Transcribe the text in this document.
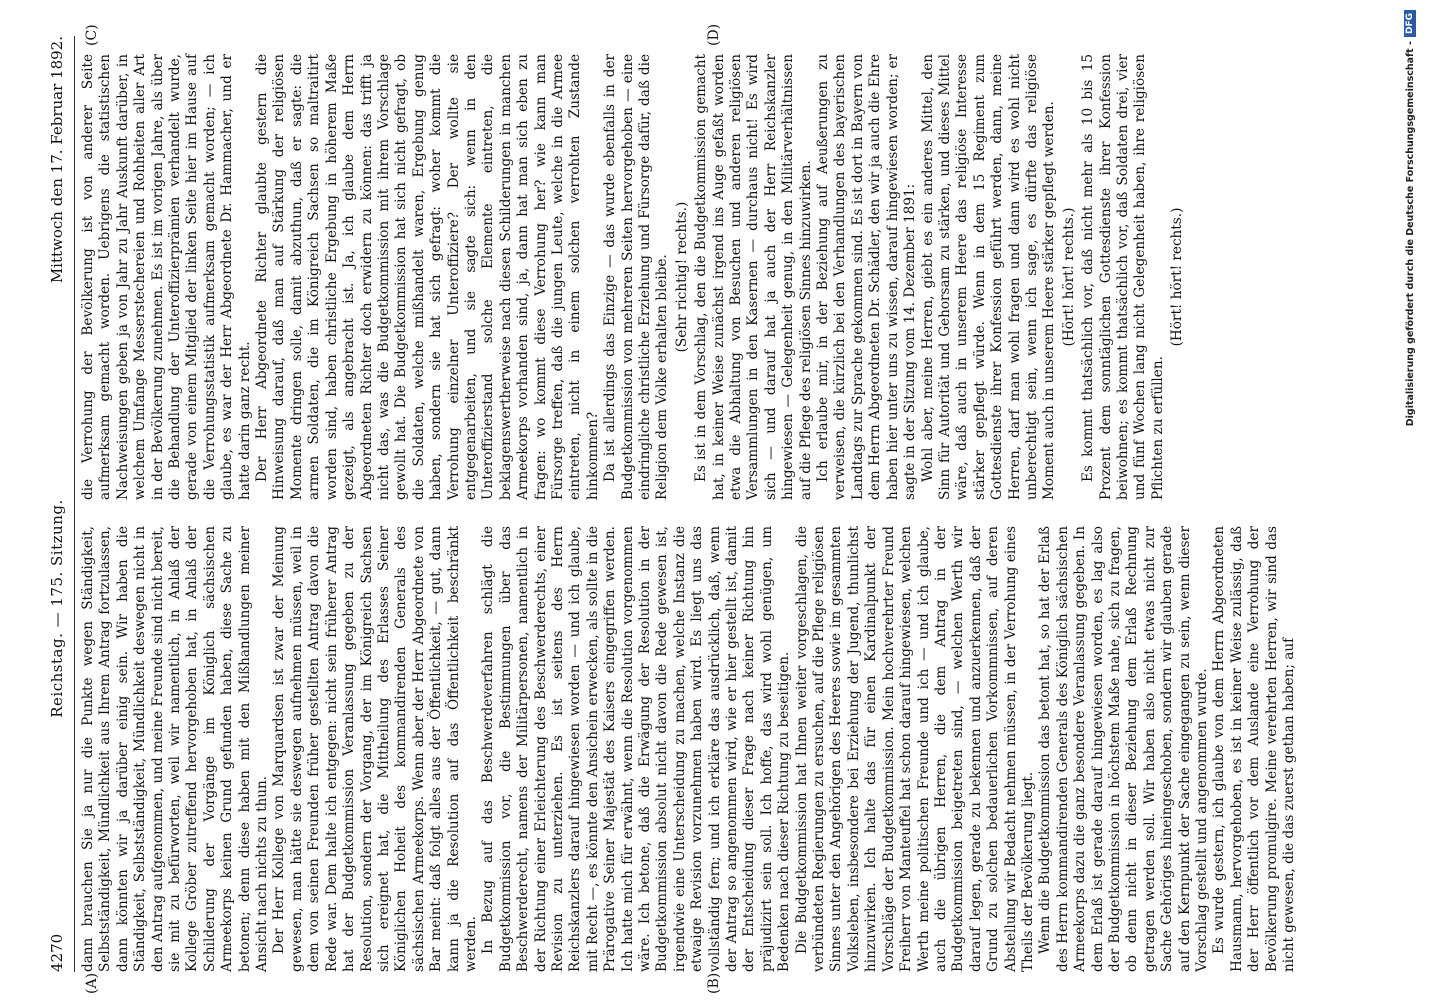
4270
Reichstag. — 175. Sitzung.
Mittwoch den 17. Februar 1892.
(A)	(B)
(C)	(D)

dann brauchen Sie ja nur die Punkte wegen Ständigkeit, Selbstständigkeit, Mündlichkeit aus Ihrem Antrag fortzulassen, dann könnten wir ja darüber einig sein. Wir haben die Ständigkeit, Selbstständigkeit, Mündlichkeit deswegen nicht in den Antrag aufgenommen, und meine Freunde sind nicht bereit, sie mit zu befürworten, weil wir namentlich, in Anlaß der Kollege Gröber zutreffend hervorgehoben hat, in Anlaß der Schilderung der Vorgänge im Königlich sächsischen Armeekorps keinen Grund gefunden haben, diese Sache zu betonen; denn diese haben mit den Mißhandlungen meiner Ansicht nach nichts zu thun. Der Herr Kollege von Marquardsen ist zwar der Meinung gewesen, man hätte sie deswegen aufnehmen müssen, weil in dem von seinen Freunden früher gestellten Antrag davon die Rede war. Dem halte ich entgegen: nicht sein früherer Antrag hat der Budgetkommission Veranlassung gegeben zu der Resolution, sondern der Vorgang, der im Königreich Sachsen sich ereignet hat, die Mittheilung des Erlasses Seiner Königlichen Hoheit des kommandirenden Generals des sächsischen Armeekorps. Wenn aber der Herr Abgeordnete von Bar meint: daß folgt alles aus der Öffentlichkeit, — gut, dann kann ja die Resolution auf das Öffentlichkeit beschränkt werden. In Bezug auf das Beschwerdeverfahren schlägt die Budgetkommission vor, die Bestimmungen über das Beschwerderecht, namens der Militärpersonen, namentlich in der Richtung einer Erleichterung des Beschwerderechts, einer Revision zu unterziehen. Es ist seitens des Herrn Reichskanzlers darauf hingewiesen worden — und ich glaube, mit Recht —, es könnte den Ansichein erwecken, als sollte in die Prärogative Seiner Majestät des Kaisers eingegriffen werden. Ich hatte mich für erwähnt, wenn die Resolution vorgenommen wäre. Ich betone, daß die Erwägung der Resolution in der Budgetkommission absolut nicht davon die Rede gewesen ist, irgendwie eine Unterscheidung zu machen, welche Instanz die etwaige Revision vorzunehmen haben wird. Es liegt uns das vollständig fern; und ich erkläre das ausdrücklich, daß, wenn der Antrag so angenommen wird, wie er hier gestellt ist, damit der Entscheidung dieser Frage nach keiner Richtung hin präjudizirt sein soll. Ich hoffe, das wird wohl genügen, um Bedenken nach dieser Richtung zu beseitigen. Die Budgetkommission hat Ihnen weiter vorgeschlagen, die verbündeten Regierungen zu ersuchen, auf die Pflege religiösen Sinnes unter den Angehörigen des Heeres sowie im gesammten Volksleben, insbesondere bei Erziehung der Jugend, thunlichst hinzuwirken. Ich halte das für einen Kardinalpunkt der Vorschläge der Budgetkommission. Mein hochverehrter Freund Freiherr von Manteuffel hat schon darauf hingewiesen, welchen Werth meine politischen Freunde und ich — und ich glaube, auch die übrigen Herren, die dem Antrag in der Budgetkommission beigetreten sind, — welchen Werth wir darauf legen, gerade zu bekennen und anzuerkennen, daß der Grund zu solchen bedauerlichen Vorkommnissen, auf deren Abstellung wir Bedacht nehmen müssen, in der Verrohung eines Theils der Bevölkerung liegt. Wenn die Budgetkommission das betont hat, so hat der Erlaß des Herrn kommandirenden Generals des Königlich sächsischen Armeekorps dazu die ganz besondere Veranlassung gegeben. In dem Erlaß ist gerade darauf hingewiesen worden, es lag also der Budgetkommission in höchstem Maße nahe, sich zu fragen, ob denn nicht in dieser Beziehung dem Erlaß Rechnung getragen werden soll. Wir haben also nicht etwas nicht zur Sache Gehöriges hineingeschoben, sondern wir glauben gerade auf den Kernpunkt der Sache eingegangen zu sein, wenn dieser Vorschlag gestellt und angenommen wurde. Es wurde gestern, ich glaube von dem Herrn Abgeordneten Hausmann, hervorgehoben, es ist in keiner Weise zulässig, daß der Herr öffentlich vor dem Auslande eine Verrohung der Bevölkerung promulgire. Meine verehrten Herren, wir sind das nicht gewesen, die das zuerst gethan haben; auf

die Verrohung der Bevölkerung ist von anderer Seite aufmerksam gemacht worden. Uebrigens die statistischen Nachweisungen geben ja von Jahr zu Jahr Auskunft darüber, in welchem Umfange Messerstechereien und Rohheiten aller Art in der Bevölkerung zunehmen. Es ist im vorigen Jahre, als über die Behandlung der Unteroffizierprämien verhandelt wurde, gerade von einem Mitglied der linken Seite hier im Hause auf die Verrohungsstatistik aufmerksam gemacht worden; — ich glaube, es war der Herr Abgeordnete Dr. Hammacher, und er hatte darin ganz recht. Der Herr Abgeordnete Richter glaubte gestern die Hinweisung darauf, daß man auf Stärkung der religiösen Momente dringen solle, damit abzuthun, daß er sagte: die armen Soldaten, die im Königreich Sachsen so maltraitirt worden sind, haben christliche Ergebung in höherem Maße gezeigt, als angebracht ist. Ja, ich glaube dem Herrn Abgeordneten Richter doch erwidern zu können: das trifft ja nicht das, was die Budgetkommission mit ihrem Vorschlage gewollt hat. Die Budgetkommission hat sich nicht gefragt, ob die Soldaten, welche mißhandelt waren, Ergebung genug haben, sondern sie hat sich gefragt: woher kommt die Verrohung einzelner Unteroffiziere? Der wollte sie entgegenarbeiten, und sie sagte sich: wenn in den Unteroffizierstand solche Elemente eintreten, die beklagenswertherweise nach diesen Schilderungen in manchen Armeekorps vorhanden sind, ja, dann hat man sich eben zu fragen: wo kommt diese Verrohung her? wie kann man Fürsorge treffen, daß die jungen Leute, welche in die Armee eintreten, nicht in einem solchen verrohten Zustande hinkommen? Da ist allerdings das Einzige — das wurde ebenfalls in der Budgetkommission von mehreren Seiten hervorgehoben — eine eindringliche christliche Erziehung und Fürsorge dafür, daß die Religion dem Volke erhalten bleibe. (Sehr richtig! rechts.) Es ist in dem Vorschlag, den die Budgetkommission gemacht hat, in keiner Weise zunächst irgend ins Auge gefaßt worden etwa die Abhaltung von Besuchen und anderen religiösen Versammlungen in den Kasernen — durchaus nicht! Es wird sich — und darauf hat ja auch der Herr Reichskanzler hingewiesen — Gelegenheit genug, in den Militärverhältnissen auf die Pflege des religiösen Sinnes hinzuwirken. Ich erlaube mir, in der Beziehung auf Aeußerungen zu verweisen, die kürzlich bei den Verhandlungen des bayerischen Landtags zur Sprache gekommen sind. Es ist dort in Bayern von dem Herrn Abgeordneten Dr. Schädler, den wir ja auch die Ehre haben hier unter uns zu wissen, darauf hingewiesen worden; er sagte in der Sitzung vom 14. Dezember 1891: Wohl aber, meine Herren, giebt es ein anderes Mittel, den Sinn für Autorität und Gehorsam zu stärken, und dieses Mittel wäre, daß auch in unserem Heere das religiöse Interesse stärker gepflegt würde. Wenn in dem 15 Regiment zum Gottesdienste ihrer Konfession geführt werden, dann, meine Herren, darf man wohl fragen und dann wird es wohl nicht unberechtigt sein, wenn ich sage, es dürfte das religiöse Moment auch in unserem Heere stärker gepflegt werden. (Hört! hört! rechts.) Es kommt thatsächlich vor, daß nicht mehr als 10 bis 15 Prozent dem sonntäglichen Gottesdienste ihrer Konfession beiwohnen; es kommt thatsächlich vor, daß Soldaten drei, vier und fünf Wochen lang nicht Gelegenheit haben, ihre religiösen Pflichten zu erfüllen.

(Hört! hört! rechts.)	Digitalisierung gefördert durch die Deutsche Forschungsgemeinschaft -
DFG
